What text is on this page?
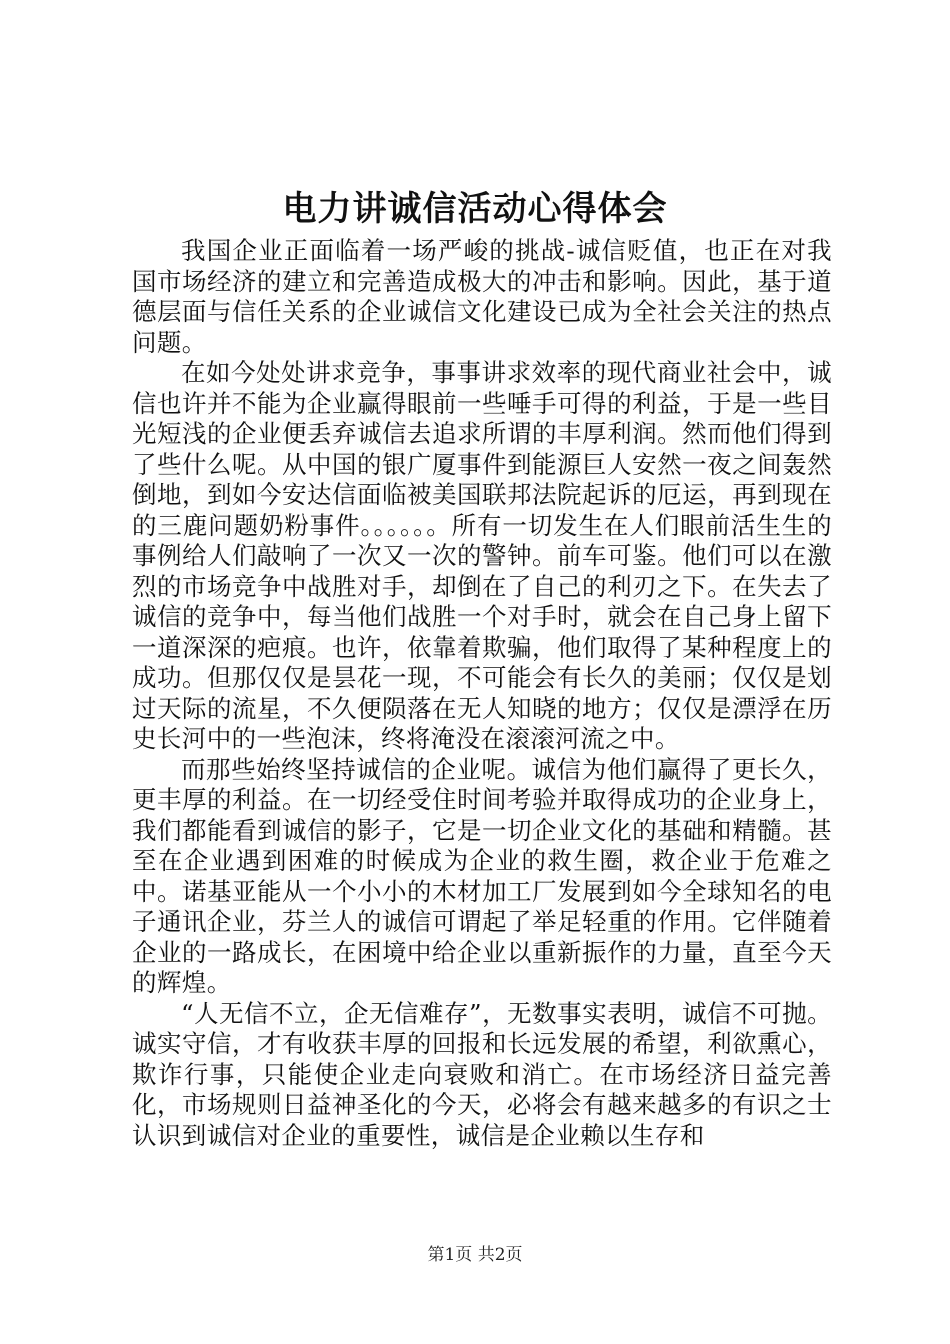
电力讲诚信活动心得体会

我国企业正面临着一场严峻的挑战-诚信贬值，也正在对我国市场经济的建立和完善造成极大的冲击和影响。因此，基于道德层面与信任关系的企业诚信文化建设已成为全社会关注的热点问题。

在如今处处讲求竞争，事事讲求效率的现代商业社会中，诚信也许并不能为企业赢得眼前一些唾手可得的利益，于是一些目光短浅的企业便丢弃诚信去追求所谓的丰厚利润。然而他们得到了些什么呢。从中国的银广厦事件到能源巨人安然一夜之间轰然倒地，到如今安达信面临被美国联邦法院起诉的厄运，再到现在的三鹿问题奶粉事件。。。。。。所有一切发生在人们眼前活生生的事例给人们敲响了一次又一次的警钟。前车可鉴。他们可以在激烈的市场竞争中战胜对手，却倒在了自己的利刃之下。在失去了诚信的竞争中，每当他们战胜一个对手时，就会在自己身上留下一道深深的疤痕。也许，依靠着欺骗，他们取得了某种程度上的成功。但那仅仅是昙花一现，不可能会有长久的美丽；仅仅是划过天际的流星，不久便陨落在无人知晓的地方；仅仅是漂浮在历史长河中的一些泡沫，终将淹没在滚滚河流之中。

而那些始终坚持诚信的企业呢。诚信为他们赢得了更长久，更丰厚的利益。在一切经受住时间考验并取得成功的企业身上，我们都能看到诚信的影子，它是一切企业文化的基础和精髓。甚至在企业遇到困难的时候成为企业的救生圈，救企业于危难之中。诺基亚能从一个小小的木材加工厂发展到如今全球知名的电子通讯企业，芬兰人的诚信可谓起了举足轻重的作用。它伴随着企业的一路成长，在困境中给企业以重新振作的力量，直至今天的辉煌。

“人无信不立，企无信难存”，无数事实表明，诚信不可抛。诚实守信，才有收获丰厚的回报和长远发展的希望，利欲熏心，欺诈行事，只能使企业走向衰败和消亡。在市场经济日益完善化，市场规则日益神圣化的今天，必将会有越来越多的有识之士认识到诚信对企业的重要性，诚信是企业赖以生存和

第1页 共2页
